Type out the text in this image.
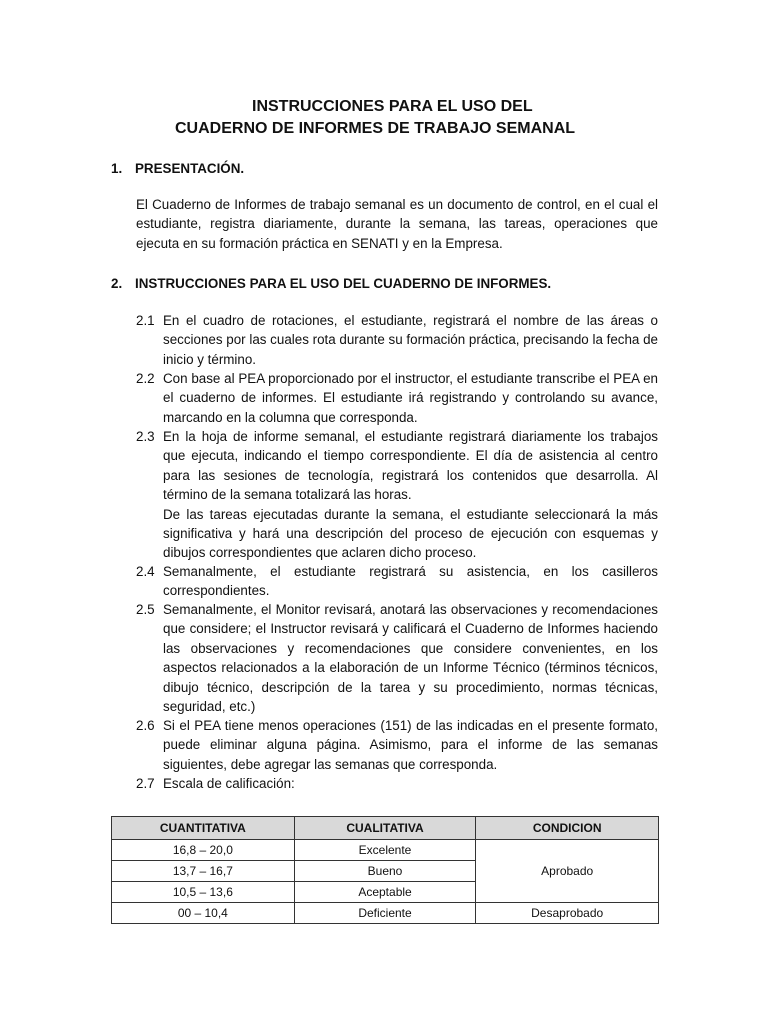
INSTRUCCIONES PARA EL USO DEL
CUADERNO DE INFORMES DE TRABAJO SEMANAL
1. PRESENTACIÓN.
El Cuaderno de Informes de trabajo semanal es un documento de control, en el cual el estudiante, registra diariamente, durante la semana, las tareas, operaciones que ejecuta en su formación práctica en SENATI y en la Empresa.
2. INSTRUCCIONES PARA EL USO DEL CUADERNO DE INFORMES.
2.1 En el cuadro de rotaciones, el estudiante, registrará el nombre de las áreas o secciones por las cuales rota durante su formación práctica, precisando la fecha de inicio y término.
2.2 Con base al PEA proporcionado por el instructor, el estudiante transcribe el PEA en el cuaderno de informes. El estudiante irá registrando y controlando su avance, marcando en la columna que corresponda.
2.3 En la hoja de informe semanal, el estudiante registrará diariamente los trabajos que ejecuta, indicando el tiempo correspondiente. El día de asistencia al centro para las sesiones de tecnología, registrará los contenidos que desarrolla. Al término de la semana totalizará las horas.
De las tareas ejecutadas durante la semana, el estudiante seleccionará la más significativa y hará una descripción del proceso de ejecución con esquemas y dibujos correspondientes que aclaren dicho proceso.
2.4 Semanalmente, el estudiante registrará su asistencia, en los casilleros correspondientes.
2.5 Semanalmente, el Monitor revisará, anotará las observaciones y recomendaciones que considere; el Instructor revisará y calificará el Cuaderno de Informes haciendo las observaciones y recomendaciones que considere convenientes, en los aspectos relacionados a la elaboración de un Informe Técnico (términos técnicos, dibujo técnico, descripción de la tarea y su procedimiento, normas técnicas, seguridad, etc.)
2.6 Si el PEA tiene menos operaciones (151) de las indicadas en el presente formato, puede eliminar alguna página. Asimismo, para el informe de las semanas siguientes, debe agregar las semanas que corresponda.
2.7 Escala de calificación:
CUANTITATIVA	CUALITATIVA	CONDICION
16,8 – 20,0	Excelente	Aprobado
13,7 – 16,7	Bueno	
10,5 – 13,6	Aceptable	
00 – 10,4	Deficiente	Desaprobado
